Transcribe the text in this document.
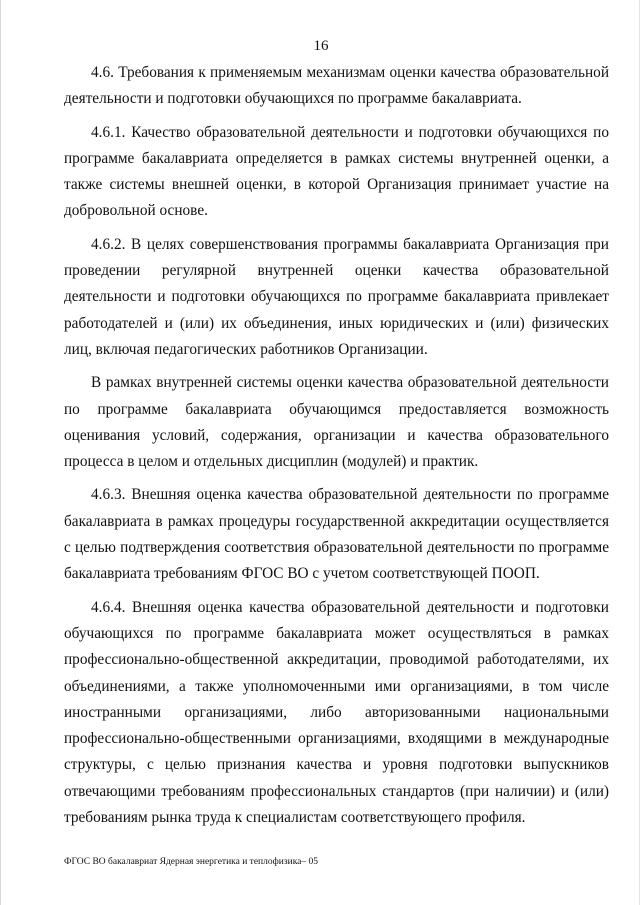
16

4.6. Требования к применяемым механизмам оценки качества образовательной деятельности и подготовки обучающихся по программе бакалавриата.

4.6.1. Качество образовательной деятельности и подготовки обучающихся по программе бакалавриата определяется в рамках системы внутренней оценки, а также системы внешней оценки, в которой Организация принимает участие на добровольной основе.

4.6.2. В целях совершенствования программы бакалавриата Организация при проведении регулярной внутренней оценки качества образовательной деятельности и подготовки обучающихся по программе бакалавриата привлекает работодателей и (или) их объединения, иных юридических и (или) физических лиц, включая педагогических работников Организации.

В рамках внутренней системы оценки качества образовательной деятельности по программе бакалавриата обучающимся предоставляется возможность оценивания условий, содержания, организации и качества образовательного процесса в целом и отдельных дисциплин (модулей) и практик.

4.6.3. Внешняя оценка качества образовательной деятельности по программе бакалавриата в рамках процедуры государственной аккредитации осуществляется с целью подтверждения соответствия образовательной деятельности по программе бакалавриата требованиям ФГОС ВО с учетом соответствующей ПООП.

4.6.4. Внешняя оценка качества образовательной деятельности и подготовки обучающихся по программе бакалавриата может осуществляться в рамках профессионально-общественной аккредитации, проводимой работодателями, их объединениями, а также уполномоченными ими организациями, в том числе иностранными организациями, либо авторизованными национальными профессионально-общественными организациями, входящими в международные структуры, с целью признания качества и уровня подготовки выпускников отвечающими требованиям профессиональных стандартов (при наличии) и (или) требованиям рынка труда к специалистам соответствующего профиля.

ФГОС ВО бакалавриат Ядерная энергетика и теплофизика– 05
